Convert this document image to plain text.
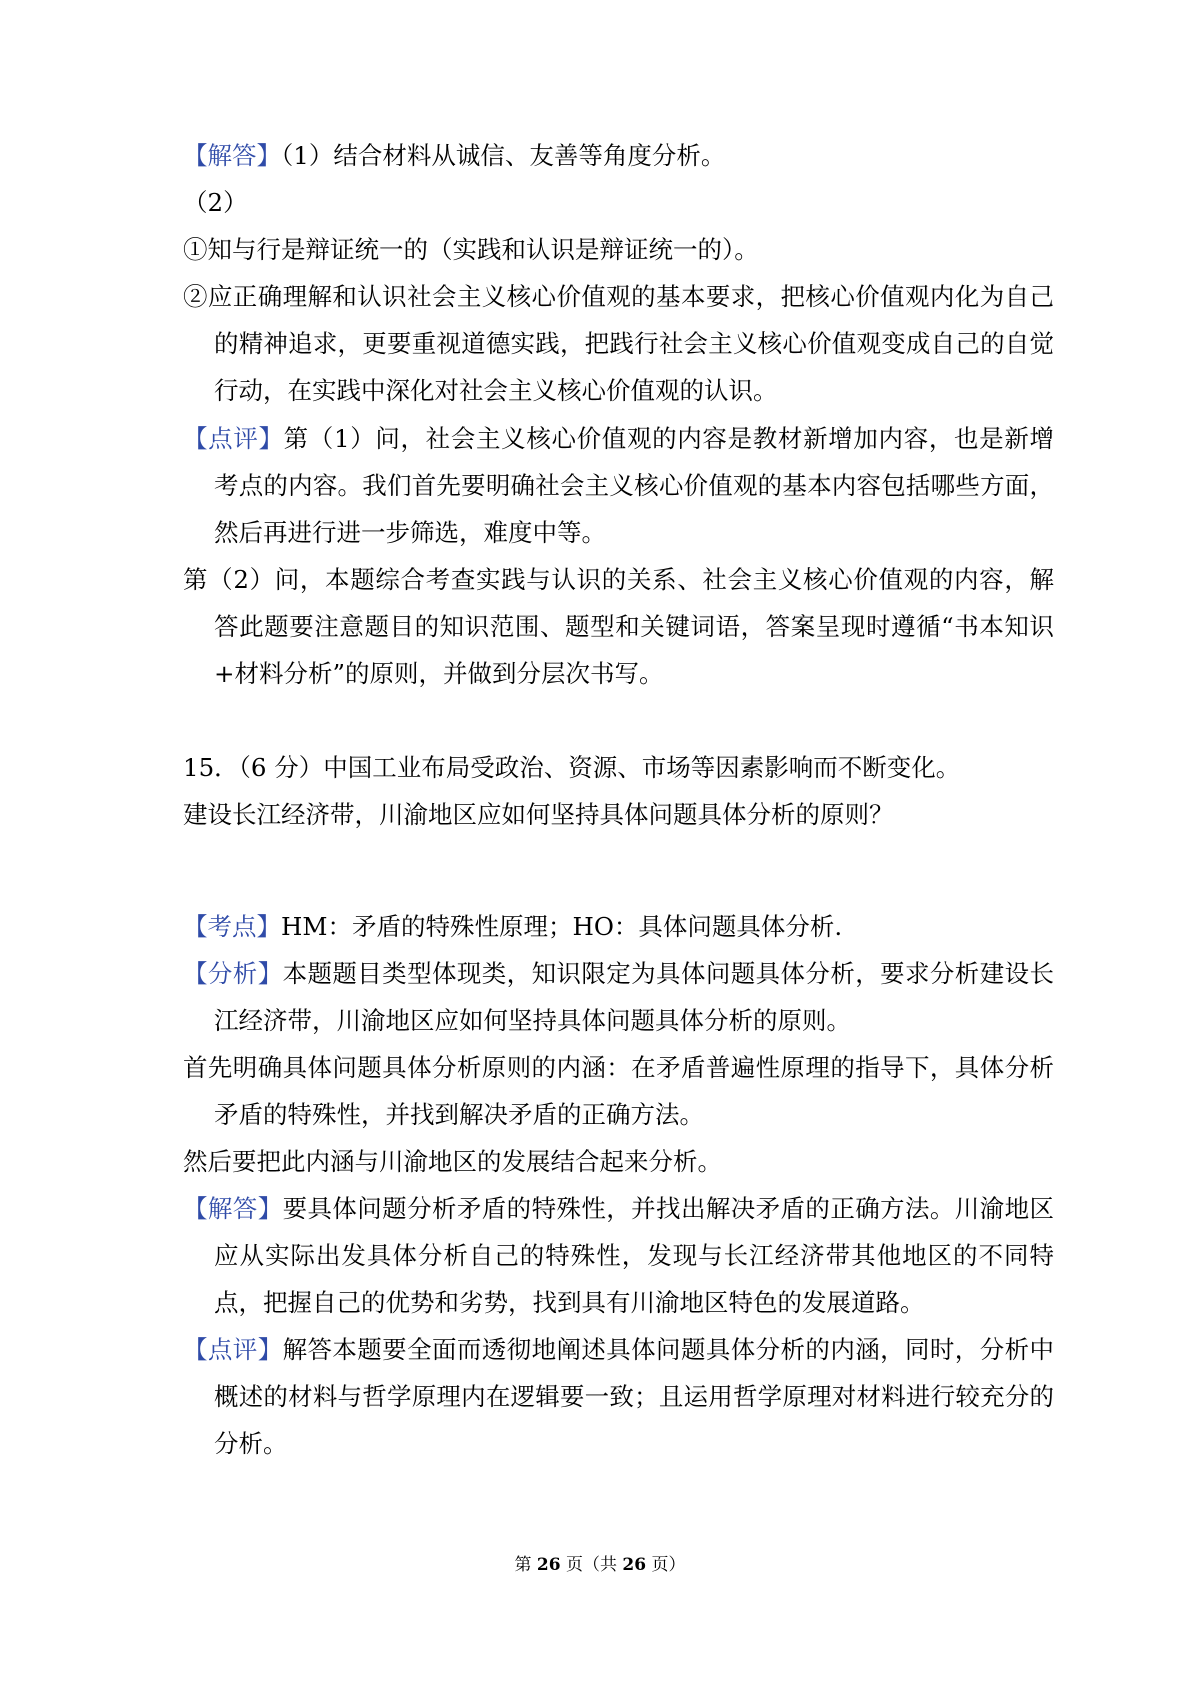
【解答】（1）结合材料从诚信、友善等角度分析。

（2）

①知与行是辩证统一的（实践和认识是辩证统一的）。

②应正确理解和认识社会主义核心价值观的基本要求，把核心价值观内化为自己的精神追求，更要重视道德实践，把践行社会主义核心价值观变成自己的自觉行动，在实践中深化对社会主义核心价值观的认识。

【点评】第（1）问，社会主义核心价值观的内容是教材新增加内容，也是新增考点的内容。我们首先要明确社会主义核心价值观的基本内容包括哪些方面，然后再进行进一步筛选，难度中等。

第（2）问，本题综合考查实践与认识的关系、社会主义核心价值观的内容，解答此题要注意题目的知识范围、题型和关键词语，答案呈现时遵循“书本知识+材料分析”的原则，并做到分层次书写。

15．（6 分）中国工业布局受政治、资源、市场等因素影响而不断变化。

建设长江经济带，川渝地区应如何坚持具体问题具体分析的原则？

【考点】HM：矛盾的特殊性原理；HO：具体问题具体分析.

【分析】本题题目类型体现类，知识限定为具体问题具体分析，要求分析建设长江经济带，川渝地区应如何坚持具体问题具体分析的原则。

首先明确具体问题具体分析原则的内涵：在矛盾普遍性原理的指导下，具体分析矛盾的特殊性，并找到解决矛盾的正确方法。

然后要把此内涵与川渝地区的发展结合起来分析。

【解答】要具体问题分析矛盾的特殊性，并找出解决矛盾的正确方法。川渝地区应从实际出发具体分析自己的特殊性，发现与长江经济带其他地区的不同特点，把握自己的优势和劣势，找到具有川渝地区特色的发展道路。

【点评】解答本题要全面而透彻地阐述具体问题具体分析的内涵，同时，分析中概述的材料与哲学原理内在逻辑要一致；且运用哲学原理对材料进行较充分的分析。

第 26 页（共 26 页）
